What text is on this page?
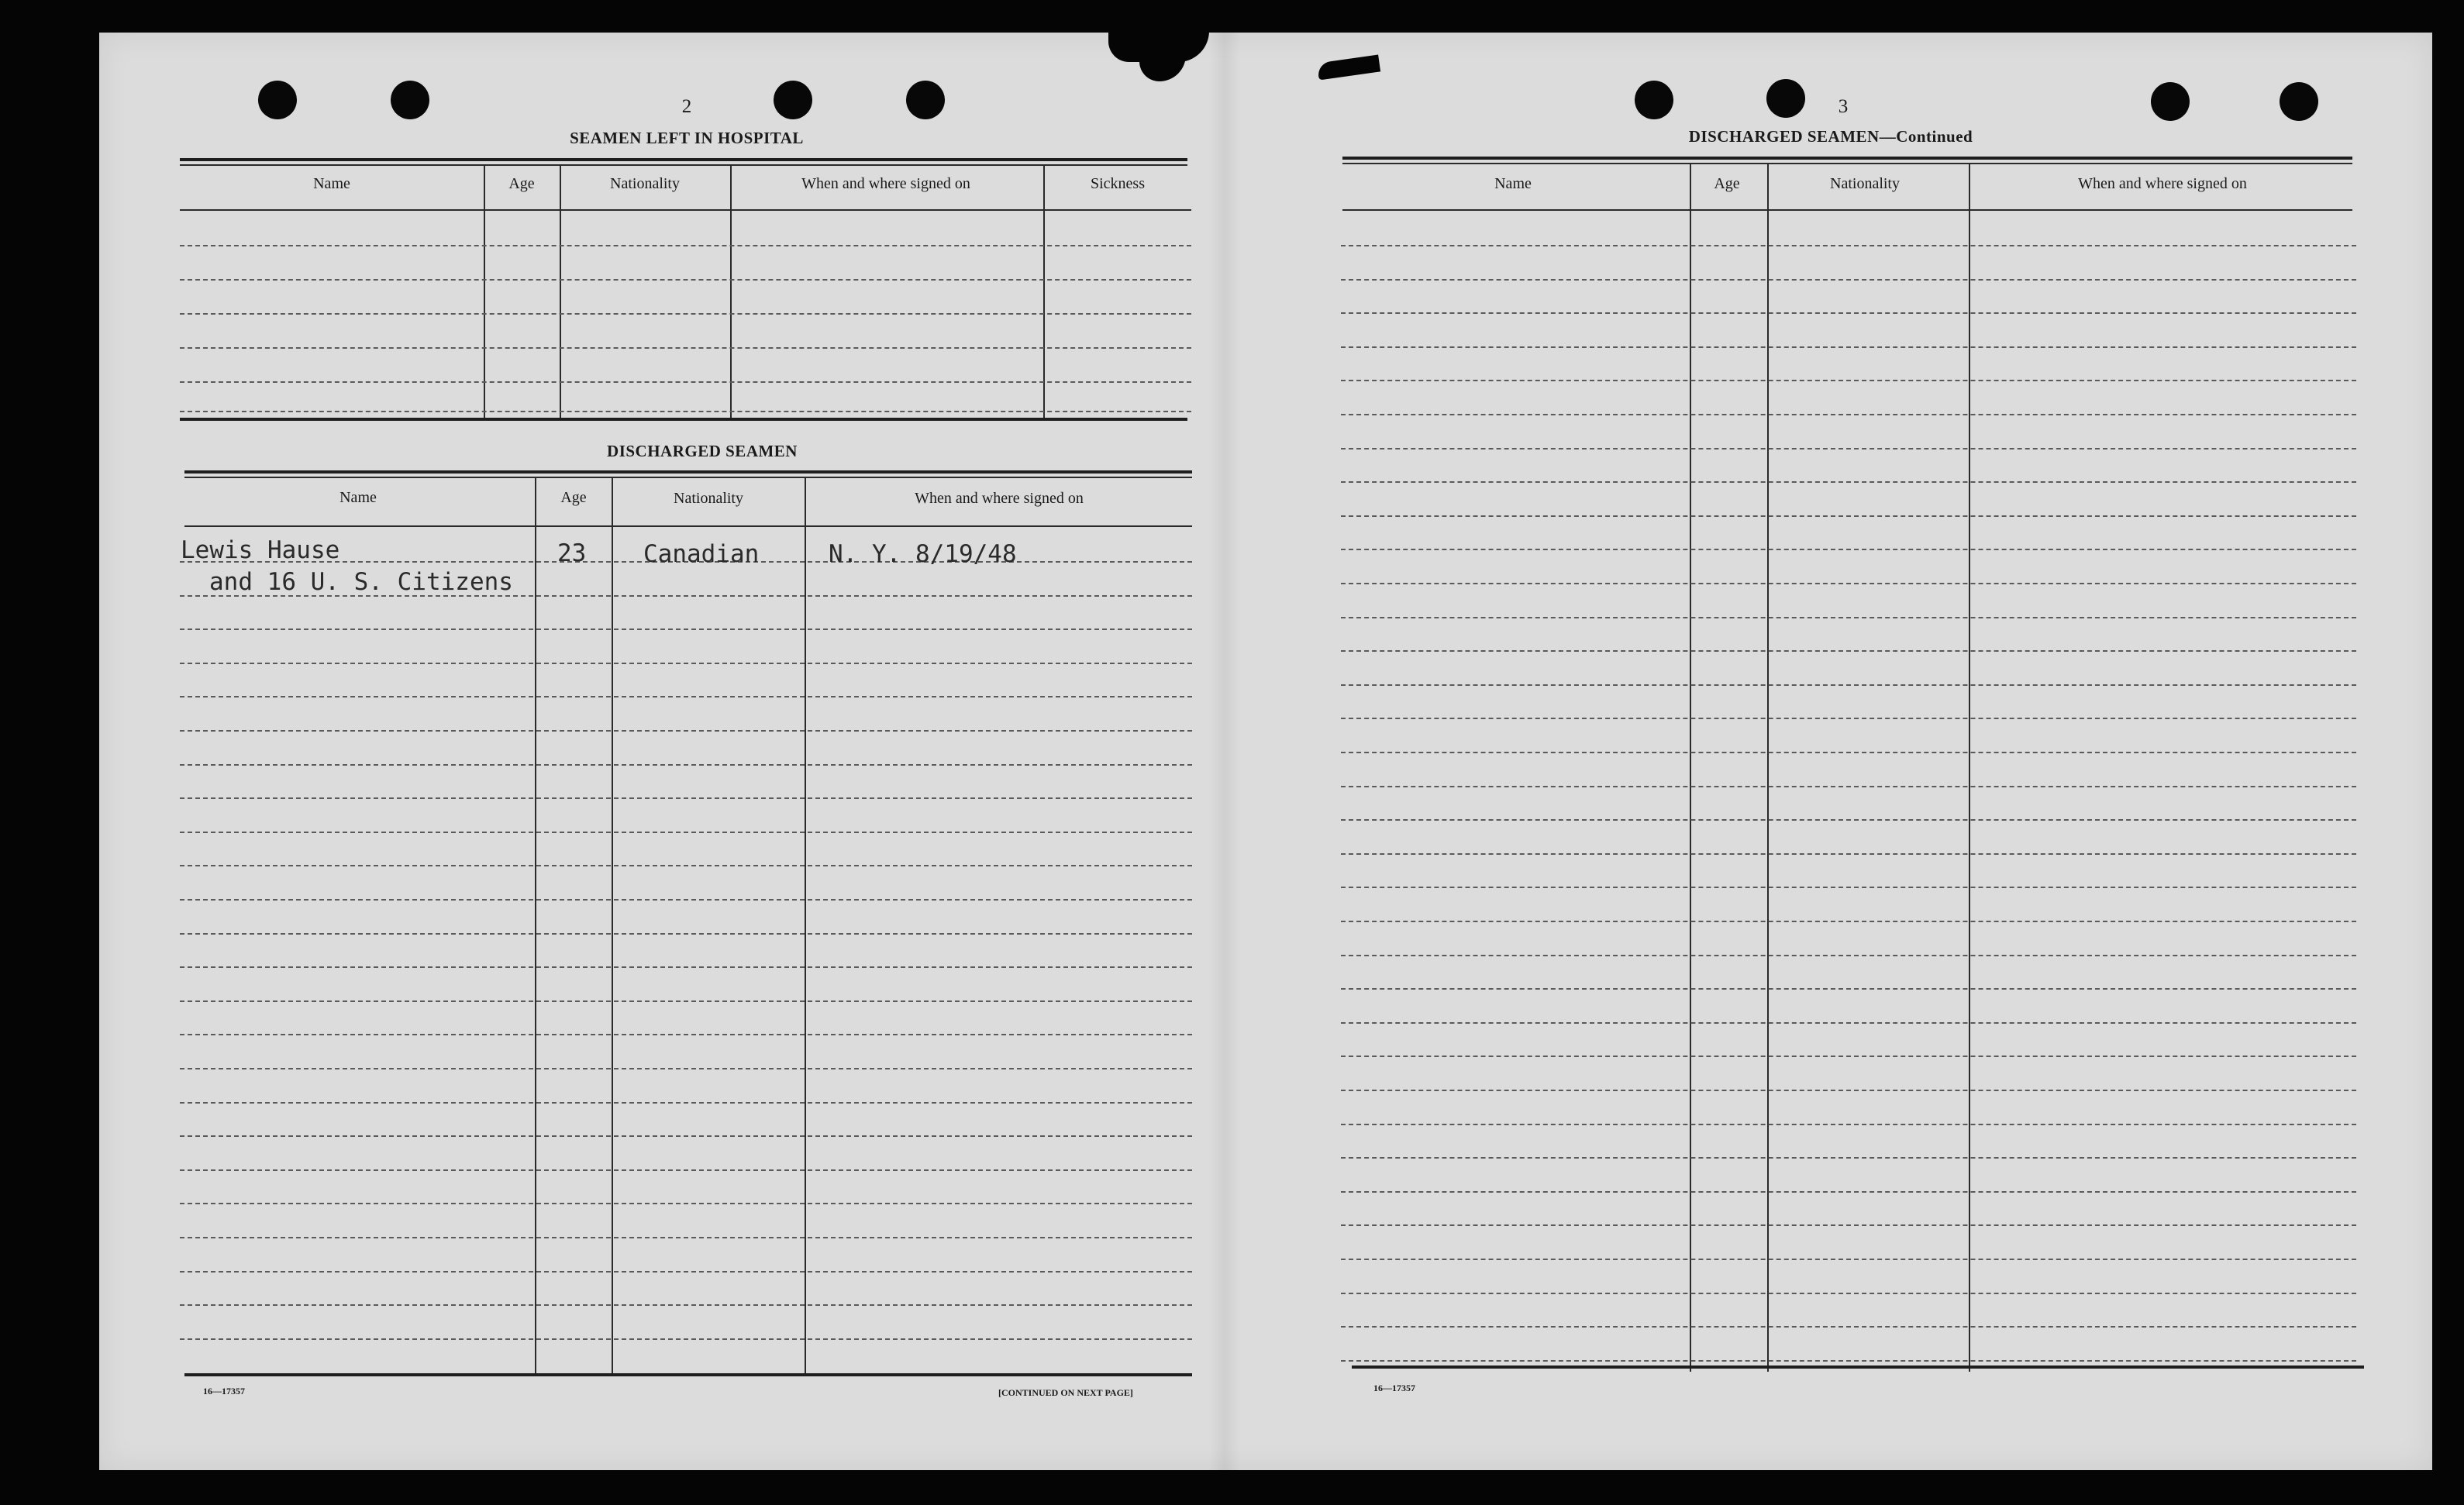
2
SEAMEN LEFT IN HOSPITAL
Name	Age	Nationality	When and where signed on	Sickness
DISCHARGED SEAMEN
Name	Age	Nationality	When and where signed on
Lewis Hause	23 Canadian	N. Y. 8/19/48
and 16 U. S. Citizens
16—17357	[CONTINUED ON NEXT PAGE]
3
DISCHARGED SEAMEN—Continued
Name	Age	Nationality	When and where signed on
16—17357
